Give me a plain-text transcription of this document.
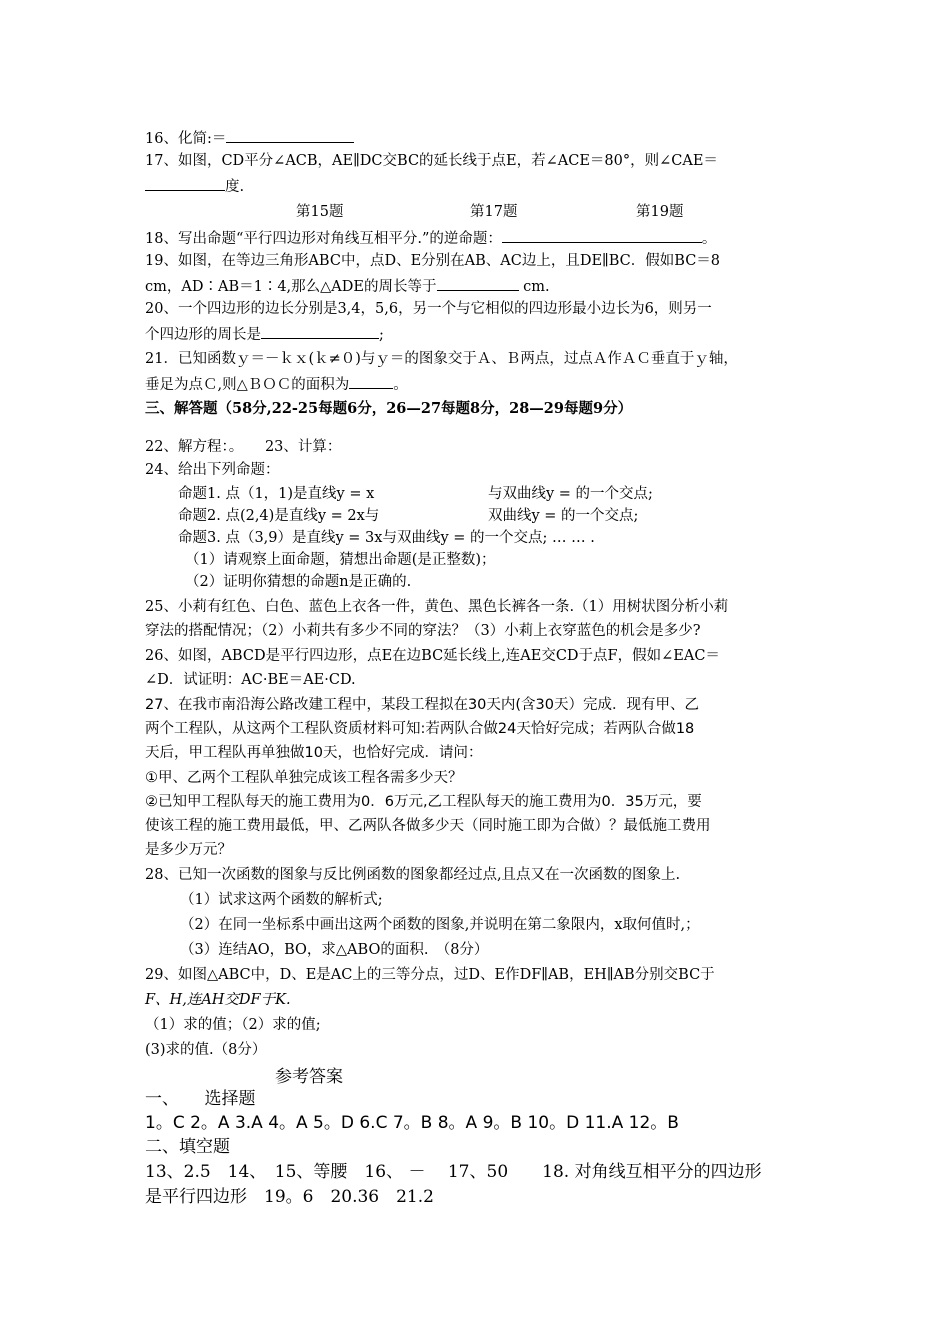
16、化简:＝
17、如图，CD平分∠ACB，AE∥DC交BC的延长线于点E，若∠ACE＝80°，则∠CAE＝
度.
第15题	第17题	第19题
18、写出命题“平行四边形对角线互相平分.”的逆命题：	。
19、如图，在等边三角形ABC中，点D、E分别在AB、AC边上，且DE∥BC．假如BC＝8
cm，AD∶AB＝1∶4,那么△ADE的周长等于	cm.
20、一个四边形的边长分别是3,4，5,6，另一个与它相似的四边形最小边长为6，则另一
个四边形的周长是	;
21．已知函数ｙ＝－ｋｘ(ｋ≠０)与ｙ＝的图象交于Ａ、Ｂ两点，过点Ａ作ＡＣ垂直于ｙ轴，
垂足为点Ｃ,则△ＢＯＣ的面积为	。
三、解答题（58分,22-25每题6分，26—27每题8分，28—29每题9分）
22、解方程：。　　23、计算：
24、给出下列命题：
命题1. 点（1，1)是直线y = x	与双曲线y = 的一个交点;
命题2. 点(2,4)是直线y = 2x与	双曲线y = 的一个交点;
命题3. 点（3,9）是直线y = 3x与双曲线y = 的一个交点; … … .
（1）请观察上面命题，猜想出命题(是正整数)；
（2）证明你猜想的命题n是正确的.
25、小莉有红色、白色、蓝色上衣各一件，黄色、黑色长裤各一条.（1）用树状图分析小莉
穿法的搭配情况；（2）小莉共有多少不同的穿法？（3）小莉上衣穿蓝色的机会是多少?
26、如图，ABCD是平行四边形，点E在边BC延长线上,连AE交CD于点F，假如∠EAC＝
∠D．试证明：AC·BE＝AE·CD.
27、在我市南沿海公路改建工程中，某段工程拟在30天内(含30天）完成．现有甲、乙
两个工程队，从这两个工程队资质材料可知:若两队合做24天恰好完成；若两队合做18
天后，甲工程队再单独做10天，也恰好完成．请问：
①甲、乙两个工程队单独完成该工程各需多少天？
②已知甲工程队每天的施工费用为0．6万元,乙工程队每天的施工费用为0．35万元，要
使该工程的施工费用最低，甲、乙两队各做多少天（同时施工即为合做）？最低施工费用
是多少万元？
28、已知一次函数的图象与反比例函数的图象都经过点,且点又在一次函数的图象上.
（1）试求这两个函数的解析式;
（2）在同一坐标系中画出这两个函数的图象,并说明在第二象限内，x取何值时,；
（3）连结AO，BO，求△ABO的面积.　（8分）
29、如图△ABC中，D、E是AC上的三等分点，过D、E作DF∥AB，EH∥AB分别交BC于
F、H,连AH交DF于K.
（1）求的值；（2）求的值;
(3)求的值.（8分）
参考答案
一、　　选择题
1。C 2。A 3.A 4。A 5。D 6.C 7。B 8。A 9。B 10。D 11.A 12。B
二、填空题
13、2.5　14、　15、等腰　16、 －　 17、50　　18. 对角线互相平分的四边形
是平行四边形　19。6　20.36　21.2
